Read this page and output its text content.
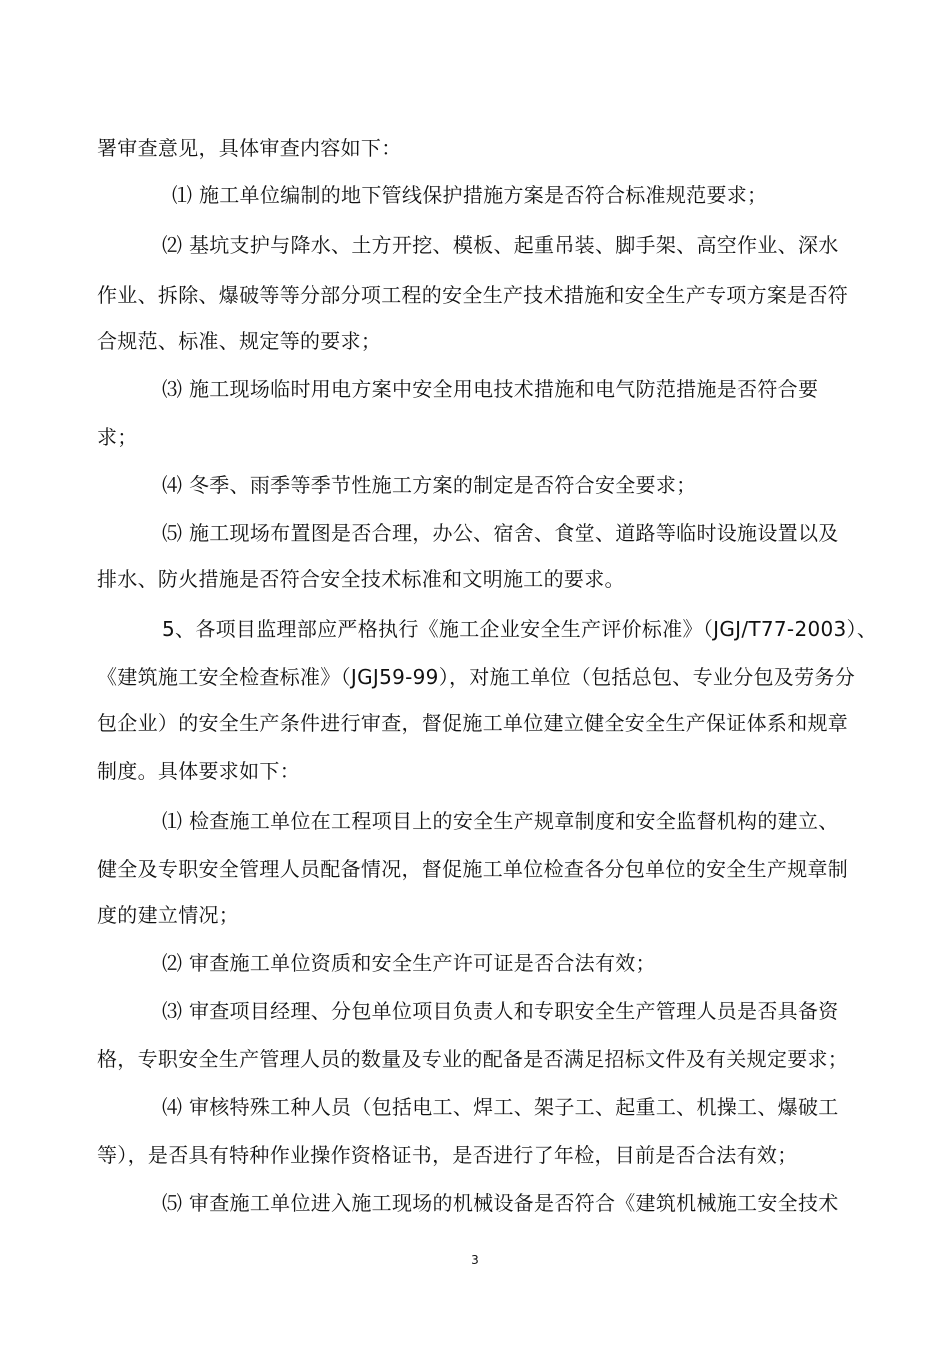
署审查意见，具体审查内容如下：
⑴ 施工单位编制的地下管线保护措施方案是否符合标准规范要求；
⑵ 基坑支护与降水、土方开挖、模板、起重吊装、脚手架、高空作业、深水
作业、拆除、爆破等等分部分项工程的安全生产技术措施和安全生产专项方案是否符
合规范、标准、规定等的要求；
⑶ 施工现场临时用电方案中安全用电技术措施和电气防范措施是否符合要
求；
⑷ 冬季、雨季等季节性施工方案的制定是否符合安全要求；
⑸ 施工现场布置图是否合理，办公、宿舍、食堂、道路等临时设施设置以及
排水、防火措施是否符合安全技术标准和文明施工的要求。
5、各项目监理部应严格执行《施工企业安全生产评价标准》（JGJ/T77-2003）、
《建筑施工安全检查标准》（JGJ59-99），对施工单位（包括总包、专业分包及劳务分
包企业）的安全生产条件进行审查，督促施工单位建立健全安全生产保证体系和规章
制度。具体要求如下：
⑴ 检查施工单位在工程项目上的安全生产规章制度和安全监督机构的建立、
健全及专职安全管理人员配备情况，督促施工单位检查各分包单位的安全生产规章制
度的建立情况；
⑵ 审查施工单位资质和安全生产许可证是否合法有效；
⑶ 审查项目经理、分包单位项目负责人和专职安全生产管理人员是否具备资
格，专职安全生产管理人员的数量及专业的配备是否满足招标文件及有关规定要求；
⑷ 审核特殊工种人员（包括电工、焊工、架子工、起重工、机操工、爆破工
等），是否具有特种作业操作资格证书，是否进行了年检，目前是否合法有效；
⑸ 审查施工单位进入施工现场的机械设备是否符合《建筑机械施工安全技术
3
